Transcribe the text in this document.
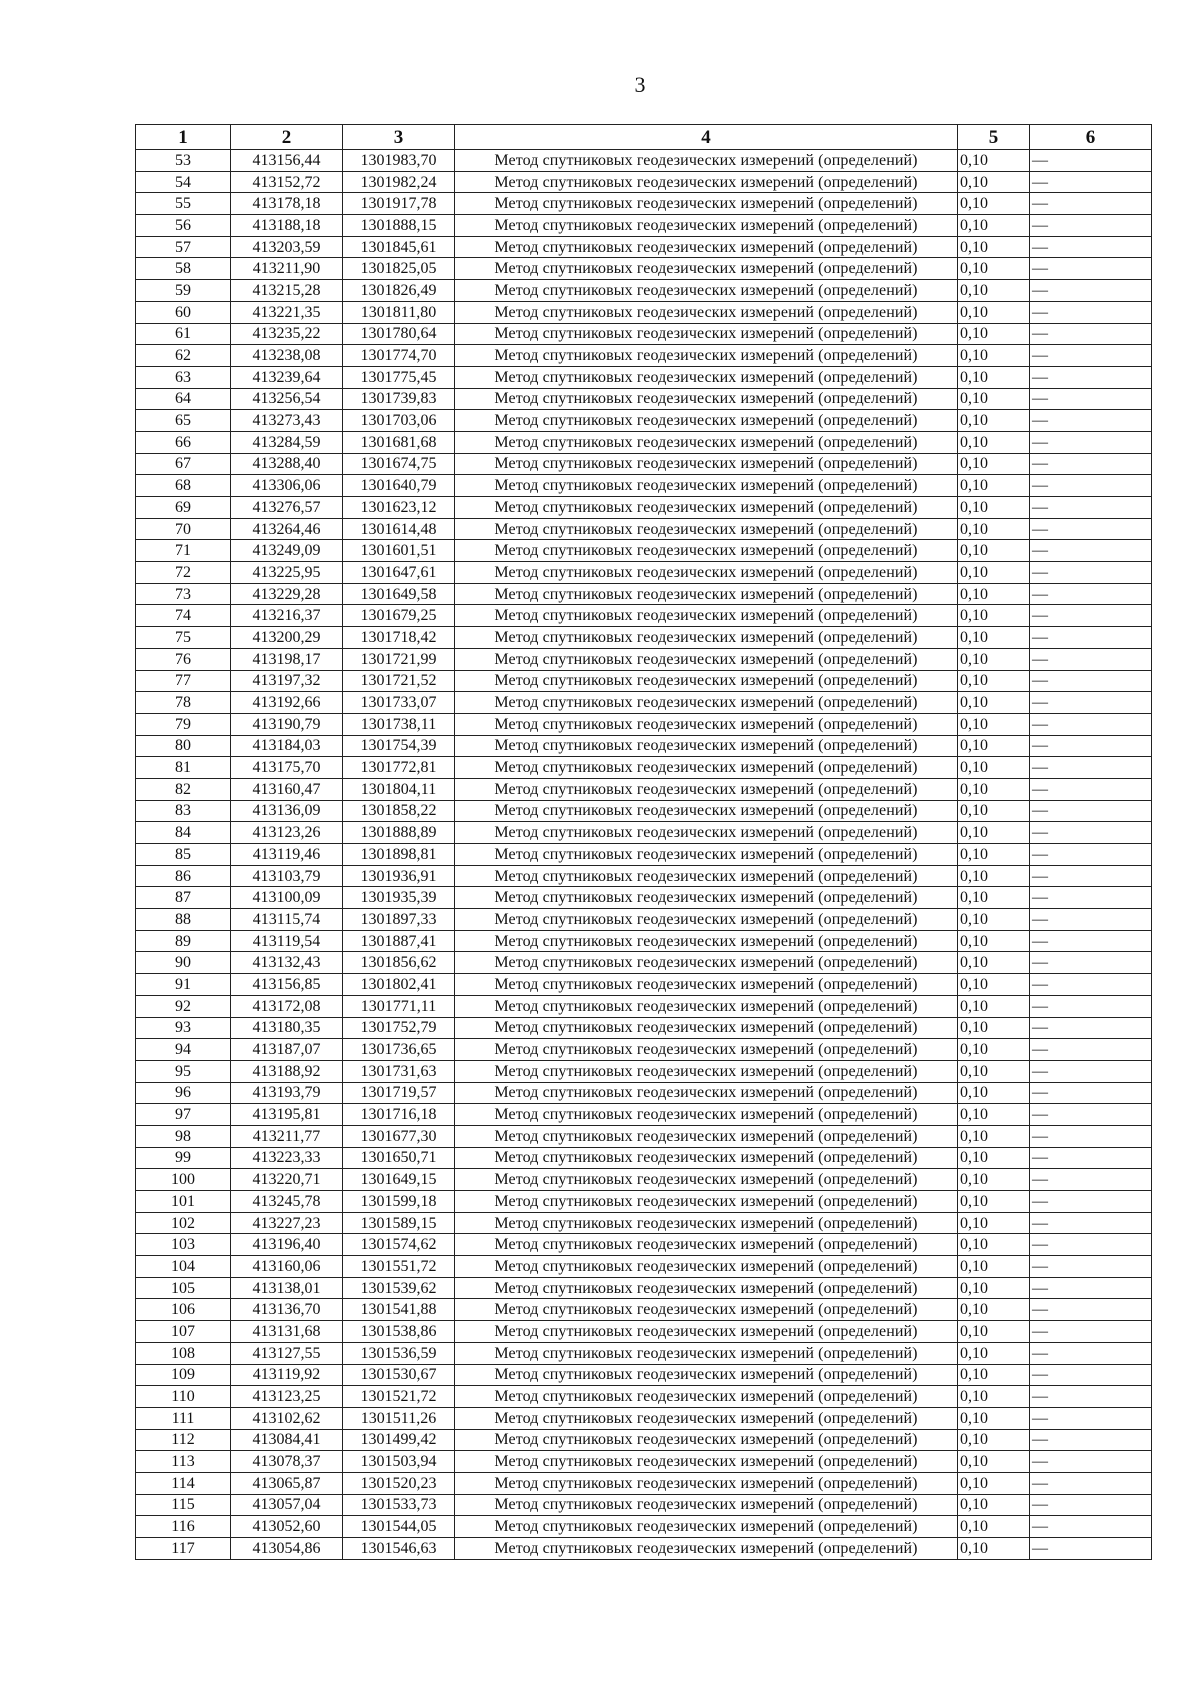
3
1	2	3	4	5	6
53	413156,44	1301983,70	Метод спутниковых геодезических измерений (определений)	0,10	—
54	413152,72	1301982,24	Метод спутниковых геодезических измерений (определений)	0,10	—
55	413178,18	1301917,78	Метод спутниковых геодезических измерений (определений)	0,10	—
56	413188,18	1301888,15	Метод спутниковых геодезических измерений (определений)	0,10	—
57	413203,59	1301845,61	Метод спутниковых геодезических измерений (определений)	0,10	—
58	413211,90	1301825,05	Метод спутниковых геодезических измерений (определений)	0,10	—
59	413215,28	1301826,49	Метод спутниковых геодезических измерений (определений)	0,10	—
60	413221,35	1301811,80	Метод спутниковых геодезических измерений (определений)	0,10	—
61	413235,22	1301780,64	Метод спутниковых геодезических измерений (определений)	0,10	—
62	413238,08	1301774,70	Метод спутниковых геодезических измерений (определений)	0,10	—
63	413239,64	1301775,45	Метод спутниковых геодезических измерений (определений)	0,10	—
64	413256,54	1301739,83	Метод спутниковых геодезических измерений (определений)	0,10	—
65	413273,43	1301703,06	Метод спутниковых геодезических измерений (определений)	0,10	—
66	413284,59	1301681,68	Метод спутниковых геодезических измерений (определений)	0,10	—
67	413288,40	1301674,75	Метод спутниковых геодезических измерений (определений)	0,10	—
68	413306,06	1301640,79	Метод спутниковых геодезических измерений (определений)	0,10	—
69	413276,57	1301623,12	Метод спутниковых геодезических измерений (определений)	0,10	—
70	413264,46	1301614,48	Метод спутниковых геодезических измерений (определений)	0,10	—
71	413249,09	1301601,51	Метод спутниковых геодезических измерений (определений)	0,10	—
72	413225,95	1301647,61	Метод спутниковых геодезических измерений (определений)	0,10	—
73	413229,28	1301649,58	Метод спутниковых геодезических измерений (определений)	0,10	—
74	413216,37	1301679,25	Метод спутниковых геодезических измерений (определений)	0,10	—
75	413200,29	1301718,42	Метод спутниковых геодезических измерений (определений)	0,10	—
76	413198,17	1301721,99	Метод спутниковых геодезических измерений (определений)	0,10	—
77	413197,32	1301721,52	Метод спутниковых геодезических измерений (определений)	0,10	—
78	413192,66	1301733,07	Метод спутниковых геодезических измерений (определений)	0,10	—
79	413190,79	1301738,11	Метод спутниковых геодезических измерений (определений)	0,10	—
80	413184,03	1301754,39	Метод спутниковых геодезических измерений (определений)	0,10	—
81	413175,70	1301772,81	Метод спутниковых геодезических измерений (определений)	0,10	—
82	413160,47	1301804,11	Метод спутниковых геодезических измерений (определений)	0,10	—
83	413136,09	1301858,22	Метод спутниковых геодезических измерений (определений)	0,10	—
84	413123,26	1301888,89	Метод спутниковых геодезических измерений (определений)	0,10	—
85	413119,46	1301898,81	Метод спутниковых геодезических измерений (определений)	0,10	—
86	413103,79	1301936,91	Метод спутниковых геодезических измерений (определений)	0,10	—
87	413100,09	1301935,39	Метод спутниковых геодезических измерений (определений)	0,10	—
88	413115,74	1301897,33	Метод спутниковых геодезических измерений (определений)	0,10	—
89	413119,54	1301887,41	Метод спутниковых геодезических измерений (определений)	0,10	—
90	413132,43	1301856,62	Метод спутниковых геодезических измерений (определений)	0,10	—
91	413156,85	1301802,41	Метод спутниковых геодезических измерений (определений)	0,10	—
92	413172,08	1301771,11	Метод спутниковых геодезических измерений (определений)	0,10	—
93	413180,35	1301752,79	Метод спутниковых геодезических измерений (определений)	0,10	—
94	413187,07	1301736,65	Метод спутниковых геодезических измерений (определений)	0,10	—
95	413188,92	1301731,63	Метод спутниковых геодезических измерений (определений)	0,10	—
96	413193,79	1301719,57	Метод спутниковых геодезических измерений (определений)	0,10	—
97	413195,81	1301716,18	Метод спутниковых геодезических измерений (определений)	0,10	—
98	413211,77	1301677,30	Метод спутниковых геодезических измерений (определений)	0,10	—
99	413223,33	1301650,71	Метод спутниковых геодезических измерений (определений)	0,10	—
100	413220,71	1301649,15	Метод спутниковых геодезических измерений (определений)	0,10	—
101	413245,78	1301599,18	Метод спутниковых геодезических измерений (определений)	0,10	—
102	413227,23	1301589,15	Метод спутниковых геодезических измерений (определений)	0,10	—
103	413196,40	1301574,62	Метод спутниковых геодезических измерений (определений)	0,10	—
104	413160,06	1301551,72	Метод спутниковых геодезических измерений (определений)	0,10	—
105	413138,01	1301539,62	Метод спутниковых геодезических измерений (определений)	0,10	—
106	413136,70	1301541,88	Метод спутниковых геодезических измерений (определений)	0,10	—
107	413131,68	1301538,86	Метод спутниковых геодезических измерений (определений)	0,10	—
108	413127,55	1301536,59	Метод спутниковых геодезических измерений (определений)	0,10	—
109	413119,92	1301530,67	Метод спутниковых геодезических измерений (определений)	0,10	—
110	413123,25	1301521,72	Метод спутниковых геодезических измерений (определений)	0,10	—
111	413102,62	1301511,26	Метод спутниковых геодезических измерений (определений)	0,10	—
112	413084,41	1301499,42	Метод спутниковых геодезических измерений (определений)	0,10	—
113	413078,37	1301503,94	Метод спутниковых геодезических измерений (определений)	0,10	—
114	413065,87	1301520,23	Метод спутниковых геодезических измерений (определений)	0,10	—
115	413057,04	1301533,73	Метод спутниковых геодезических измерений (определений)	0,10	—
116	413052,60	1301544,05	Метод спутниковых геодезических измерений (определений)	0,10	—
117	413054,86	1301546,63	Метод спутниковых геодезических измерений (определений)	0,10	—
